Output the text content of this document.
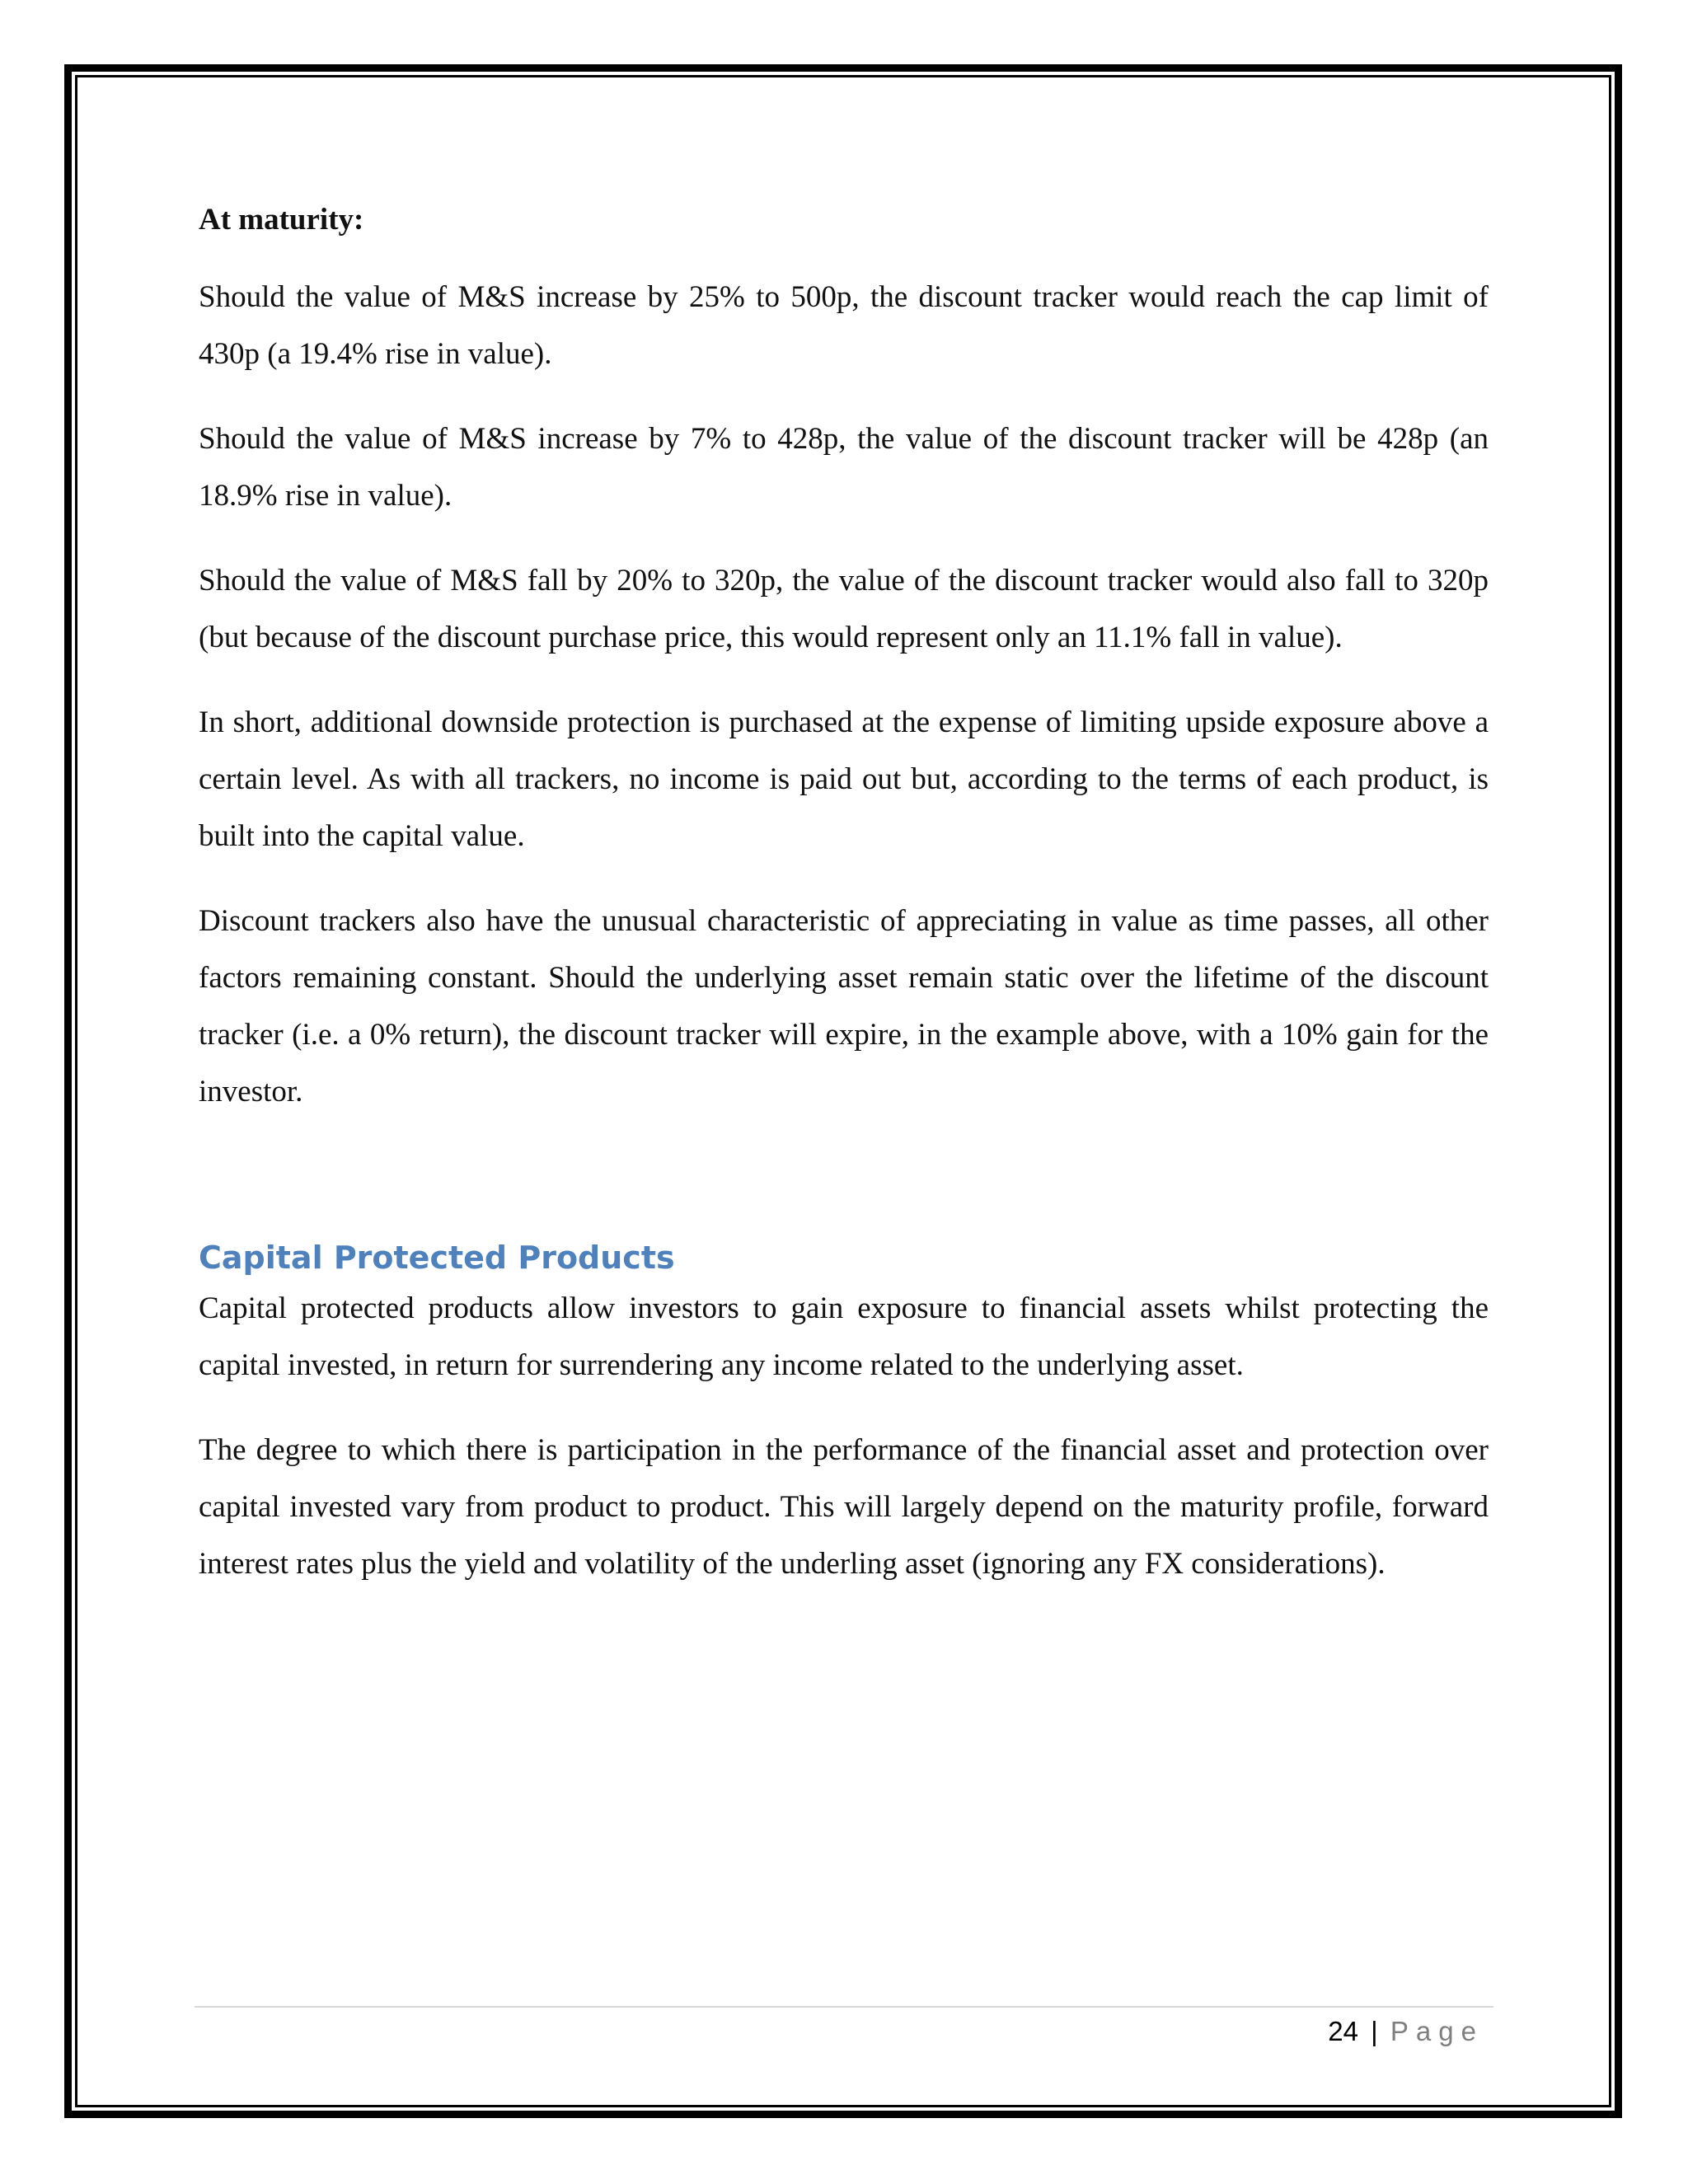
At maturity:

Should the value of M&S increase by 25% to 500p, the discount tracker would reach the cap limit of 430p (a 19.4% rise in value).

Should the value of M&S increase by 7% to 428p, the value of the discount tracker will be 428p (an 18.9% rise in value).

Should the value of M&S fall by 20% to 320p, the value of the discount tracker would also fall to 320p (but because of the discount purchase price, this would represent only an 11.1% fall in value).

In short, additional downside protection is purchased at the expense of limiting upside exposure above a certain level. As with all trackers, no income is paid out but, according to the terms of each product, is built into the capital value.

Discount trackers also have the unusual characteristic of appreciating in value as time passes, all other factors remaining constant. Should the underlying asset remain static over the lifetime of the discount tracker (i.e. a 0% return), the discount tracker will expire, in the example above, with a 10% gain for the investor.

Capital Protected Products

Capital protected products allow investors to gain exposure to financial assets whilst protecting the capital invested, in return for surrendering any income related to the underlying asset.

The degree to which there is participation in the performance of the financial asset and protection over capital invested vary from product to product. This will largely depend on the maturity profile, forward interest rates plus the yield and volatility of the underling asset (ignoring any FX considerations).

24 | Page
